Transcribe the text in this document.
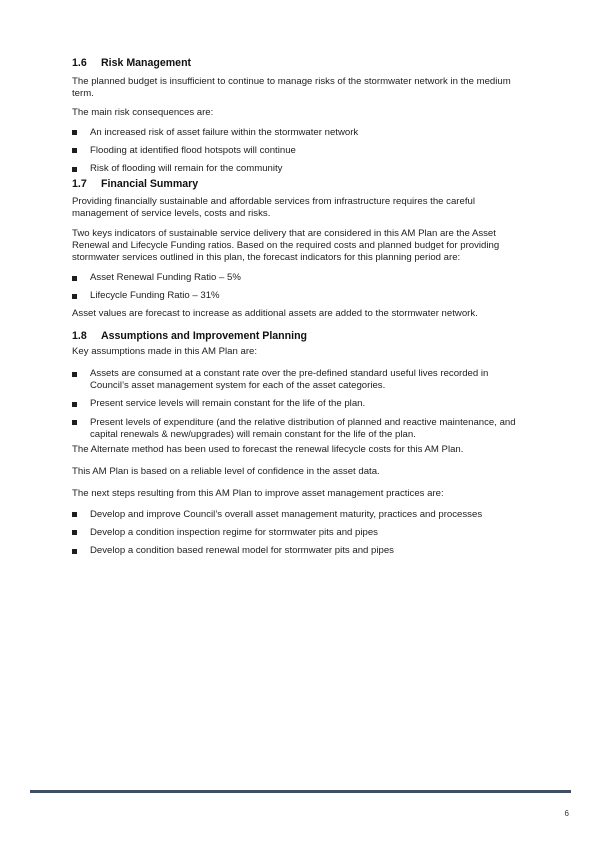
1.6 Risk Management

The planned budget is insufficient to continue to manage risks of the stormwater network in the medium term.

The main risk consequences are:

An increased risk of asset failure within the stormwater network
Flooding at identified flood hotspots will continue
Risk of flooding will remain for the community
1.7 Financial Summary

Providing financially sustainable and affordable services from infrastructure requires the careful management of service levels, costs and risks.

Two keys indicators of sustainable service delivery that are considered in this AM Plan are the Asset Renewal and Lifecycle Funding ratios. Based on the required costs and planned budget for providing stormwater services outlined in this plan, the forecast indicators for this planning period are:

Asset Renewal Funding Ratio – 5%
Lifecycle Funding Ratio – 31%

Asset values are forecast to increase as additional assets are added to the stormwater network.

1.8 Assumptions and Improvement Planning

Key assumptions made in this AM Plan are:

Assets are consumed at a constant rate over the pre-defined standard useful lives recorded in Council’s asset management system for each of the asset categories.
Present service levels will remain constant for the life of the plan.
Present levels of expenditure (and the relative distribution of planned and reactive maintenance, and capital renewals & new/upgrades) will remain constant for the life of the plan.

The Alternate method has been used to forecast the renewal lifecycle costs for this AM Plan.

This AM Plan is based on a reliable level of confidence in the asset data.

The next steps resulting from this AM Plan to improve asset management practices are:

Develop and improve Council’s overall asset management maturity, practices and processes
Develop a condition inspection regime for stormwater pits and pipes
Develop a condition based renewal model for stormwater pits and pipes
6
